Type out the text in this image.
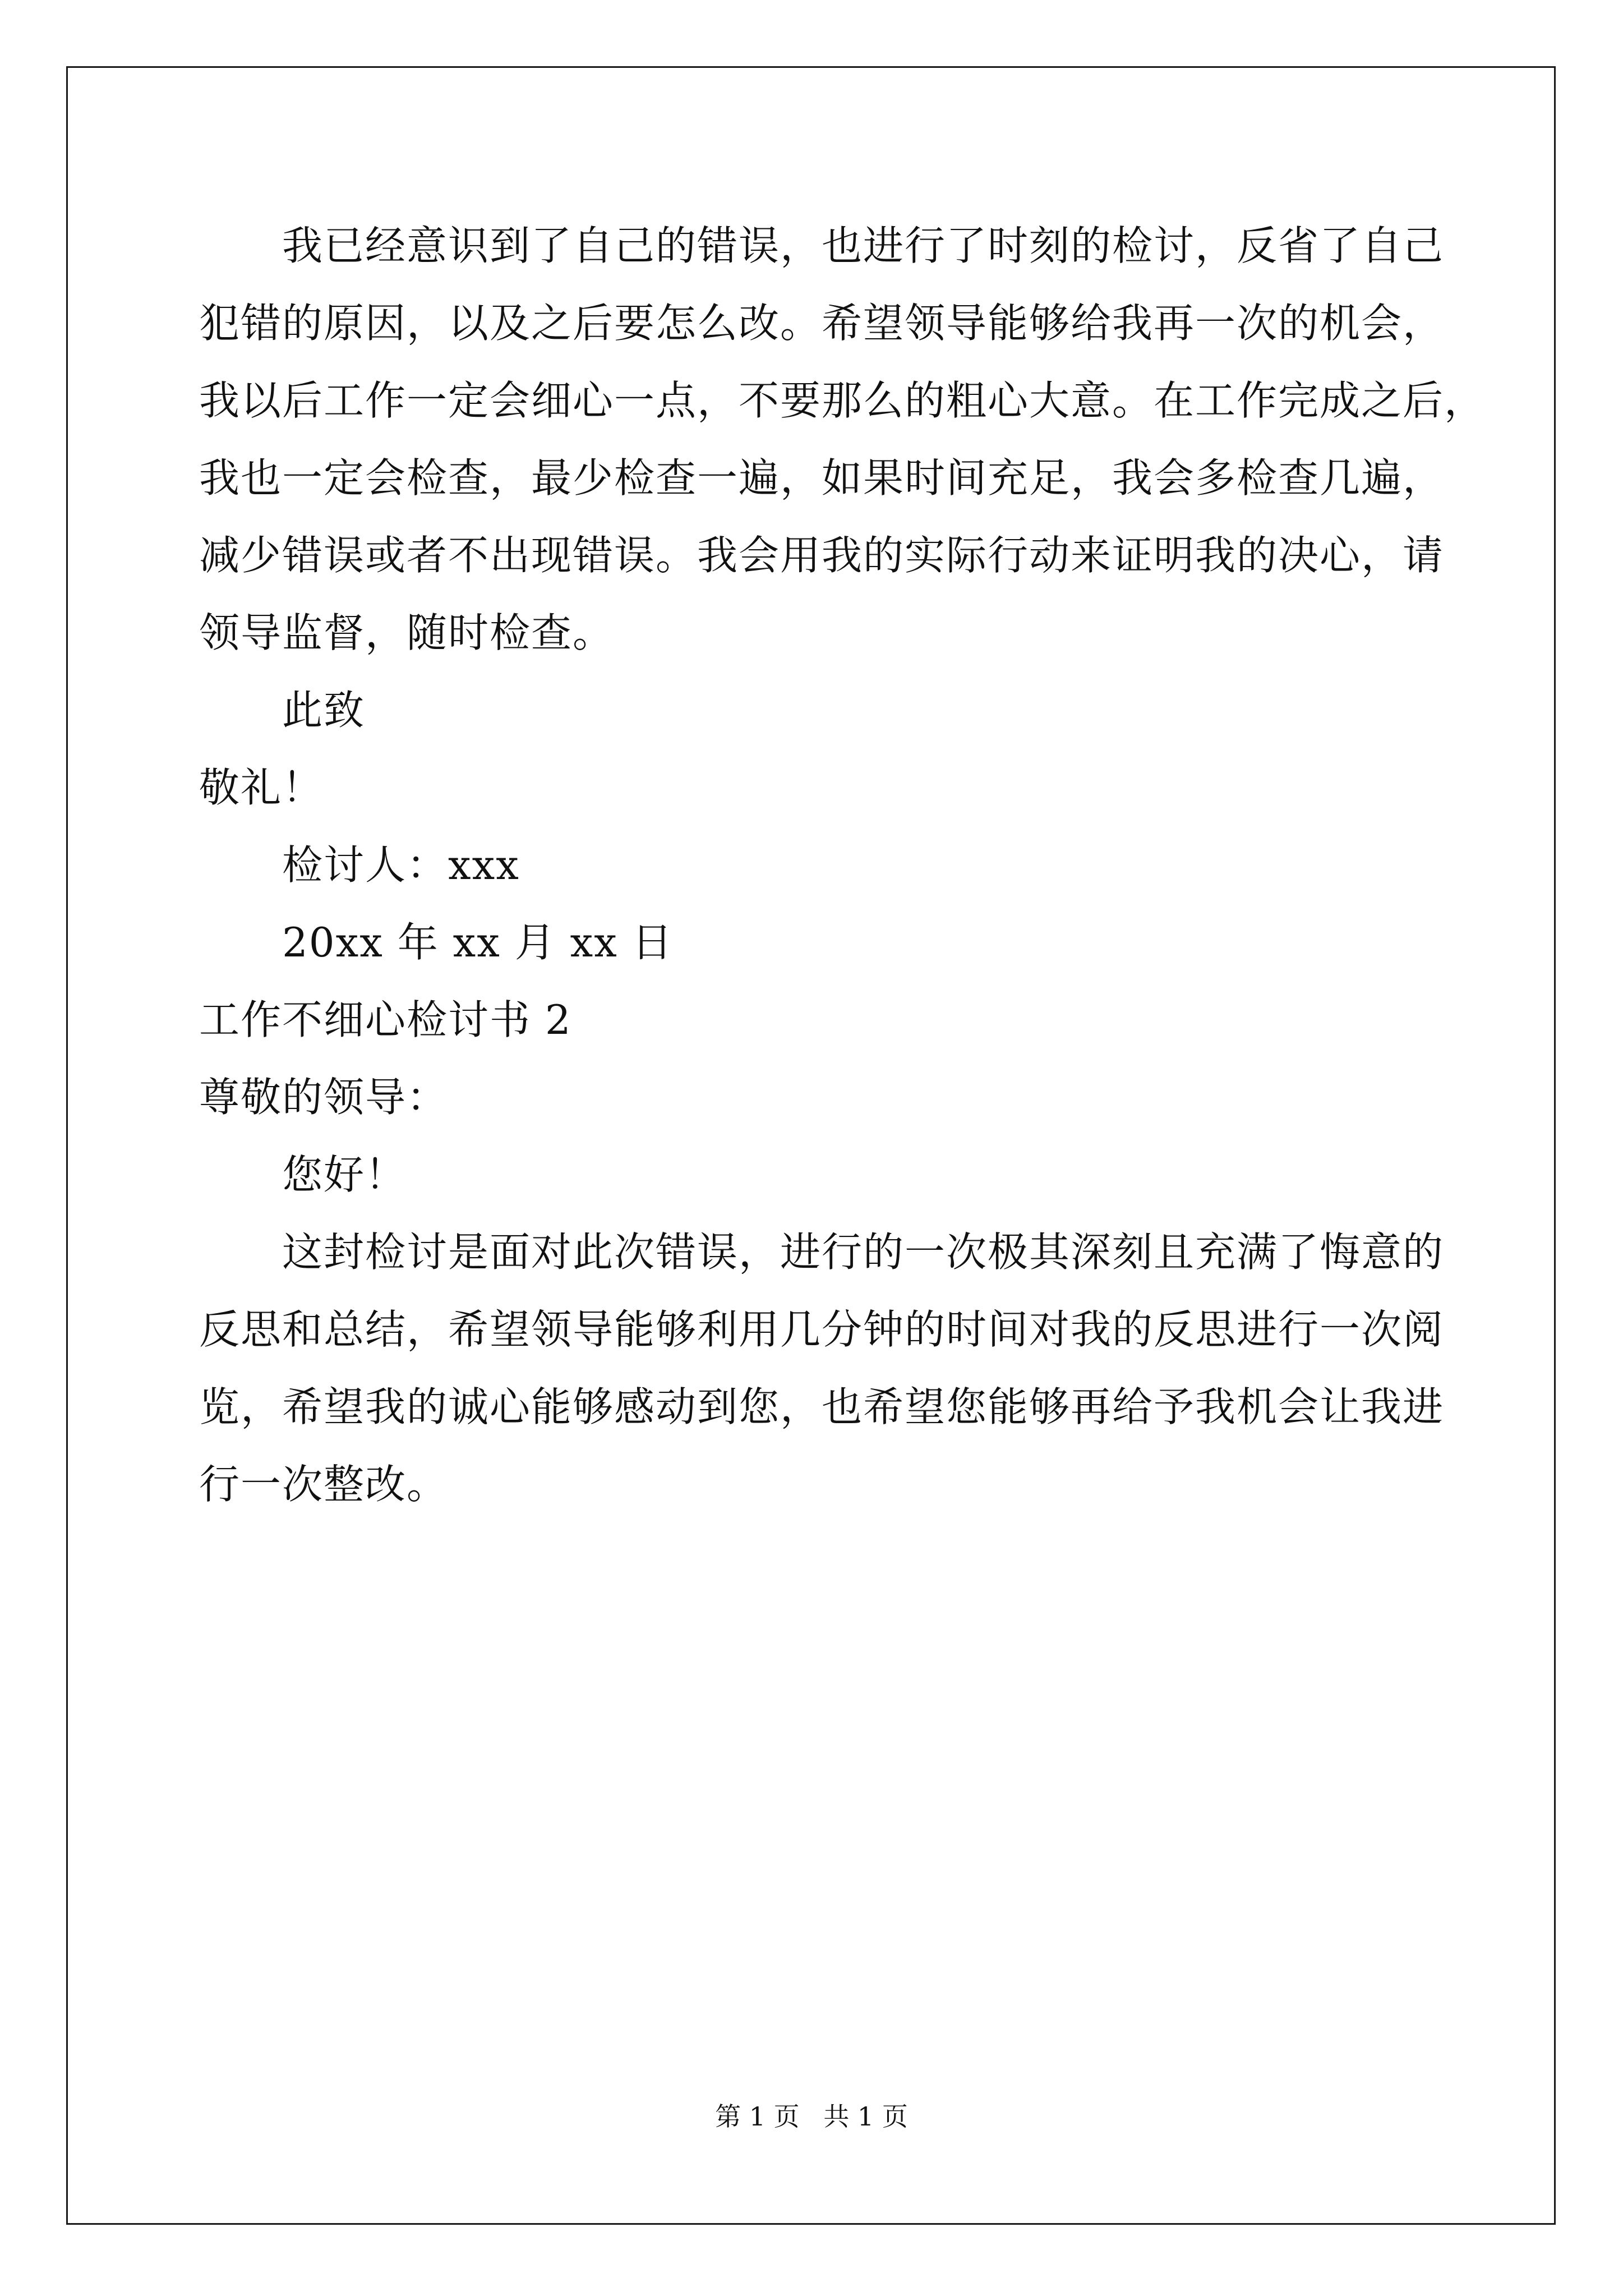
我已经意识到了自己的错误，也进行了时刻的检讨，反省了自己
犯错的原因，以及之后要怎么改。希望领导能够给我再一次的机会，
我以后工作一定会细心一点，不要那么的粗心大意。在工作完成之后，
我也一定会检查，最少检查一遍，如果时间充足，我会多检查几遍，
减少错误或者不出现错误。我会用我的实际行动来证明我的决心，请
领导监督，随时检查。
此致
敬礼！
检讨人：xxx
20xx 年 xx 月 xx 日
工作不细心检讨书 2
尊敬的领导：
您好！
这封检讨是面对此次错误，进行的一次极其深刻且充满了悔意的
反思和总结，希望领导能够利用几分钟的时间对我的反思进行一次阅
览，希望我的诚心能够感动到您，也希望您能够再给予我机会让我进
行一次整改。
第 1 页 共 1 页
